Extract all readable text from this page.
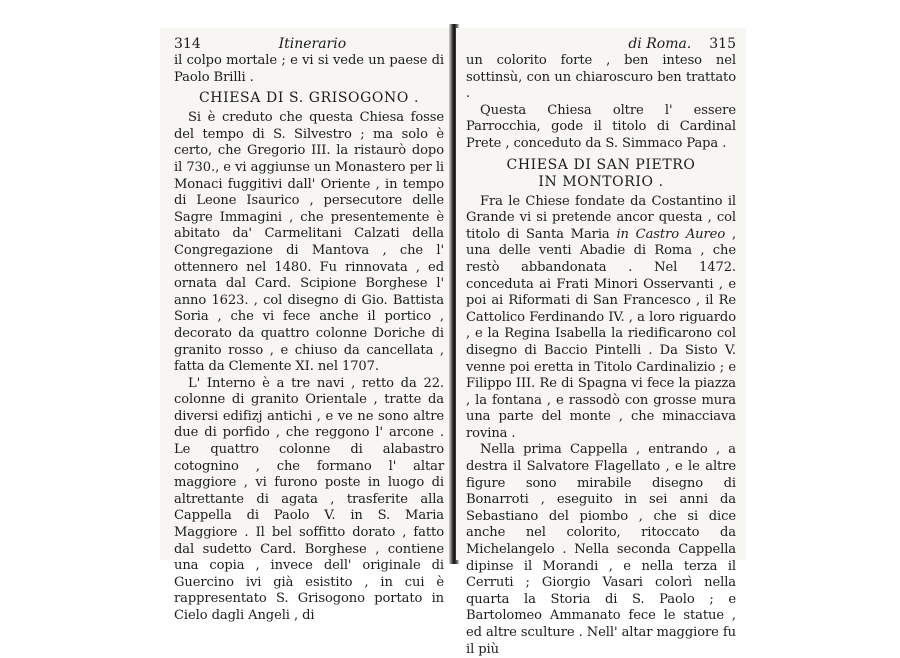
314	Itinerario

il colpo mortale ; e vi si vede un paese di Paolo Brilli .

CHIESA DI S. GRISOGONO .

Si è creduto che questa Chiesa fosse del tempo di S. Silvestro ; ma solo è certo, che Gregorio III. la ristaurò dopo il 730., e vi aggiunse un Monastero per li Monaci fuggitivi dall' Oriente , in tempo di Leone Isaurico , persecutore delle Sagre Immagini , che presentemente è abitato da' Carmelitani Calzati della Congregazione di Mantova , che l' ottennero nel 1480. Fu rinnovata , ed ornata dal Card. Scipione Borghese l' anno 1623. , col disegno di Gio. Battista Soria , che vi fece anche il portico , decorato da quattro colonne Doriche di granito rosso , e chiuso da cancellata , fatta da Clemente XI. nel 1707.

L' Interno è a tre navi , retto da 22. colonne di granito Orientale , tratte da diversi edifizj antichi , e ve ne sono altre due di porfido , che reggono l' arcone . Le quattro colonne di alabastro cotognino , che formano l' altar maggiore , vi furono poste in luogo di altrettante di agata , trasferite alla Cappella di Paolo V. in S. Maria Maggiore . Il bel soffitto dorato , fatto dal sudetto Card. Borghese , contiene una copia , invece dell' originale di Guercino ivi già esistito , in cui è rappresentato S. Grisogono portato in Cielo dagli Angeli , di

di Roma. 315

un colorito forte , ben inteso nel sottinsù, con un chiaroscuro ben trattato .

Questa Chiesa oltre l' essere Parrocchia, gode il titolo di Cardinal Prete , conceduto da S. Simmaco Papa .

CHIESA DI SAN PIETRO
IN MONTORIO .

Fra le Chiese fondate da Costantino il Grande vi si pretende ancor questa , col titolo di Santa Maria in Castro Aureo , una delle venti Abadie di Roma , che restò abbandonata . Nel 1472. conceduta ai Frati Minori Osservanti , e poi ai Riformati di San Francesco , il Re Cattolico Ferdinando IV. , a loro riguardo , e la Regina Isabella la riedificarono col disegno di Baccio Pintelli . Da Sisto V. venne poi eretta in Titolo Cardinalizio ; e Filippo III. Re di Spagna vi fece la piazza , la fontana , e rassodò con grosse mura una parte del monte , che minacciava rovina .

Nella prima Cappella , entrando , a destra il Salvatore Flagellato , e le altre figure sono mirabile disegno di Bonarroti , eseguito in sei anni da Sebastiano del piombo , che si dice anche nel colorito, ritoccato da Michelangelo . Nella seconda Cappella dipinse il Morandi , e nella terza il Cerruti ; Giorgio Vasari colorì nella quarta la Storia di S. Paolo ; e Bartolomeo Ammanato fece le statue , ed altre sculture . Nell' altar maggiore fu il più
